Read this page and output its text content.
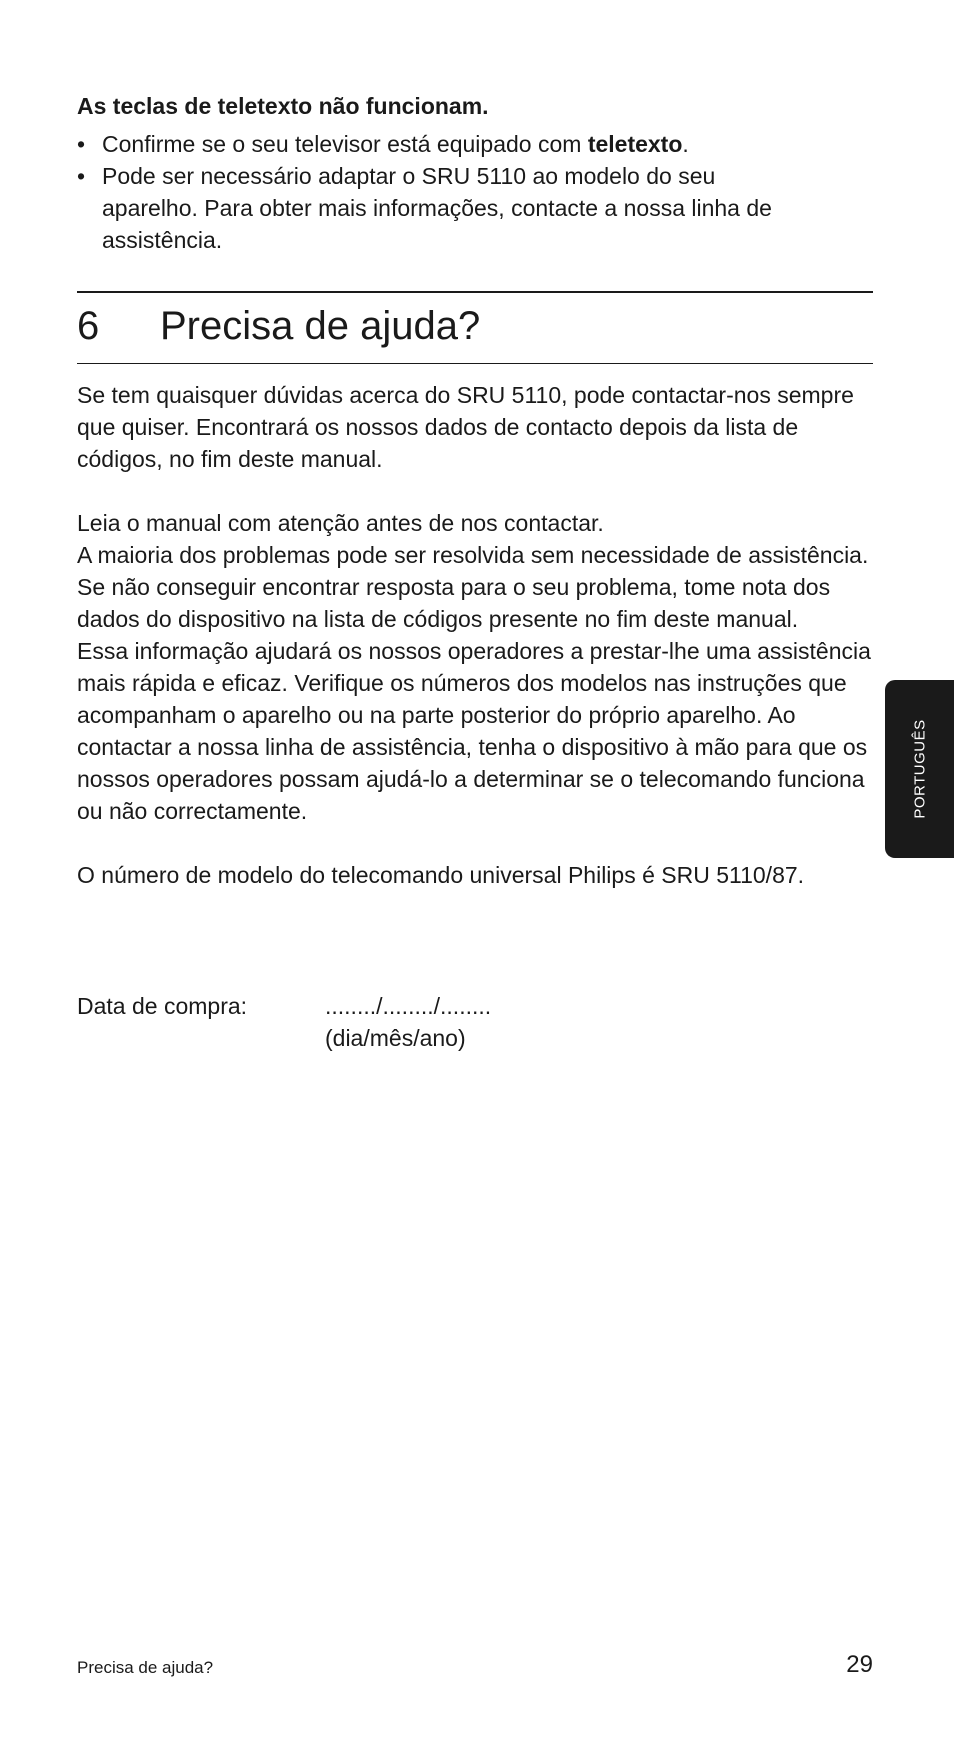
As teclas de teletexto não funcionam.
• Confirme se o seu televisor está equipado com teletexto.
• Pode ser necessário adaptar o SRU 5110 ao modelo do seu aparelho. Para obter mais informações, contacte a nossa linha de assistência.
6 Precisa de ajuda?

Se tem quaisquer dúvidas acerca do SRU 5110, pode contactar-nos sempre que quiser. Encontrará os nossos dados de contacto depois da lista de códigos, no fim deste manual.

Leia o manual com atenção antes de nos contactar.

A maioria dos problemas pode ser resolvida sem necessidade de assistência. Se não conseguir encontrar resposta para o seu problema, tome nota dos dados do dispositivo na lista de códigos presente no fim deste manual.

Essa informação ajudará os nossos operadores a prestar-lhe uma assistência mais rápida e eficaz. Verifique os números dos modelos nas instruções que acompanham o aparelho ou na parte posterior do próprio aparelho. Ao contactar a nossa linha de assistência, tenha o dispositivo à mão para que os nossos operadores possam ajudá-lo a determinar se o telecomando funciona ou não correctamente.

O número de modelo do telecomando universal Philips é SRU 5110/87.

Data de compra:	......../......../........
(dia/mês/ano)
PORTUGUÊS
Precisa de ajuda?	29
